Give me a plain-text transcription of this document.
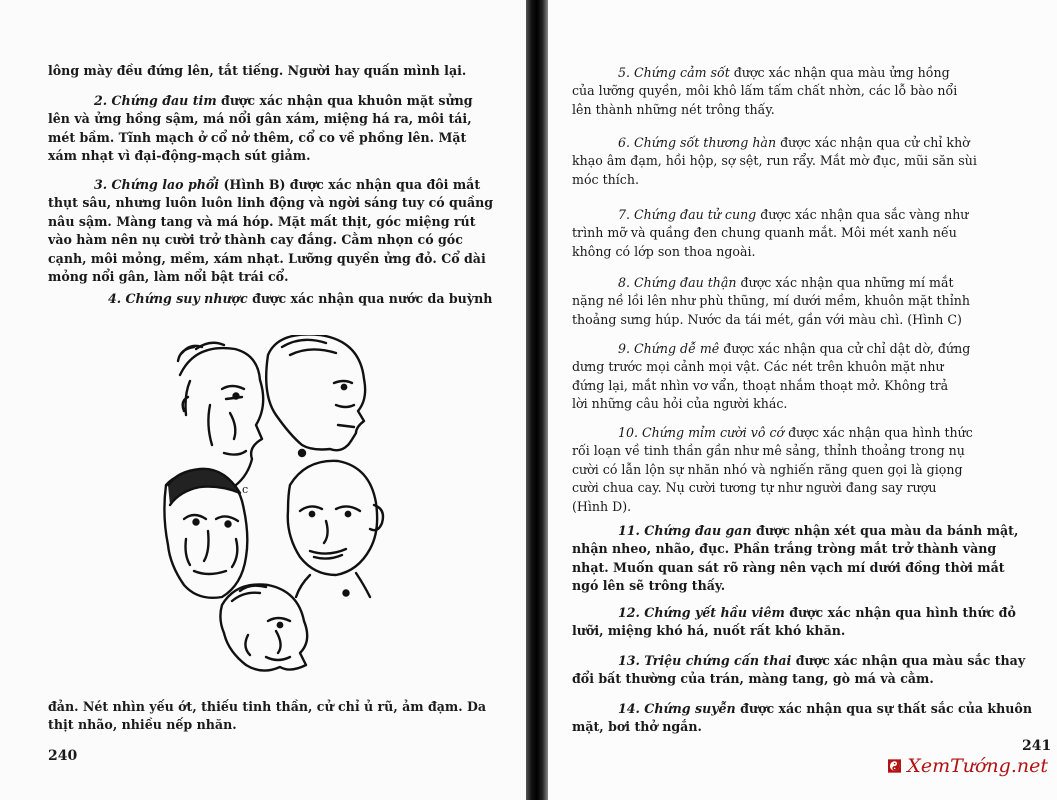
lông mày đều đứng lên, tắt tiếng. Người hay quấn mình lại.

2. Chứng đau tim được xác nhận qua khuôn mặt sửng
lên và ửng hồng sậm, má nổi gân xám, miệng há ra, môi tái,
mét bầm. Tĩnh mạch ở cổ nở thêm, cổ co về phồng lên. Mặt
xám nhạt vì đại-động-mạch sút giảm.

3. Chứng lao phổi (Hình B) được xác nhận qua đôi mắt
thụt sâu, nhưng luôn luôn linh động và ngời sáng tuy có quầng
nâu sậm. Màng tang và má hóp. Mặt mất thịt, góc miệng rút
vào hàm nên nụ cười trở thành cay đắng. Cằm nhọn có góc
cạnh, môi mỏng, mềm, xám nhạt. Lưỡng quyền ửng đỏ. Cổ dài
mỏng nổi gân, làm nổi bật trái cổ.

4. Chứng suy nhược được xác nhận qua nước da buỳnh

c

đản. Nét nhìn yếu ớt, thiếu tinh thần, cử chỉ ủ rũ, ảm đạm. Da
thịt nhão, nhiều nếp nhăn.

240

5. Chứng cảm sốt được xác nhận qua màu ửng hồng
của lưỡng quyền, môi khô lấm tấm chất nhờn, các lỗ bào nổi
lên thành những nét trông thấy.

6. Chứng sốt thương hàn được xác nhận qua cử chỉ khờ
khạo âm đạm, hồi hộp, sợ sệt, run rẩy. Mắt mờ đục, mũi săn sùi
móc thích.

7. Chứng đau tử cung được xác nhận qua sắc vàng như
trình mỡ và quầng đen chung quanh mắt. Môi mét xanh nếu
không có lớp son thoa ngoài.

8. Chứng đau thận được xác nhận qua những mí mắt
nặng nề lồi lên như phù thũng, mí dưới mềm, khuôn mặt thỉnh
thoảng sưng húp. Nước da tái mét, gần với màu chì. (Hình C)

9. Chứng dễ mê được xác nhận qua cử chỉ dật dờ, đứng
dưng trước mọi cảnh mọi vật. Các nét trên khuôn mặt như
đứng lại, mắt nhìn vơ vẩn, thoạt nhắm thoạt mở. Không trả
lời những câu hỏi của người khác.

10. Chứng mỉm cười vô cớ được xác nhận qua hình thức
rối loạn về tinh thần gần như mê sảng, thỉnh thoảng trong nụ
cười có lẫn lộn sự nhăn nhó và nghiến răng quen gọi là giọng
cười chua cay. Nụ cười tương tự như người đang say rượu
(Hình D).

11. Chứng đau gan được nhận xét qua màu da bánh mật,
nhận nheo, nhão, đục. Phần trắng tròng mắt trở thành vàng
nhạt. Muốn quan sát rõ ràng nên vạch mí dưới đồng thời mắt
ngó lên sẽ trông thấy.

12. Chứng yết hầu viêm được xác nhận qua hình thức đỏ
lưỡi, miệng khó há, nuốt rất khó khăn.

13. Triệu chứng cấn thai được xác nhận qua màu sắc thay
đổi bất thường của trán, màng tang, gò má và cằm.

14. Chứng suyễn được xác nhận qua sự thất sắc của khuôn
mặt, bơi thở ngắn.

241
XemTướng.net
